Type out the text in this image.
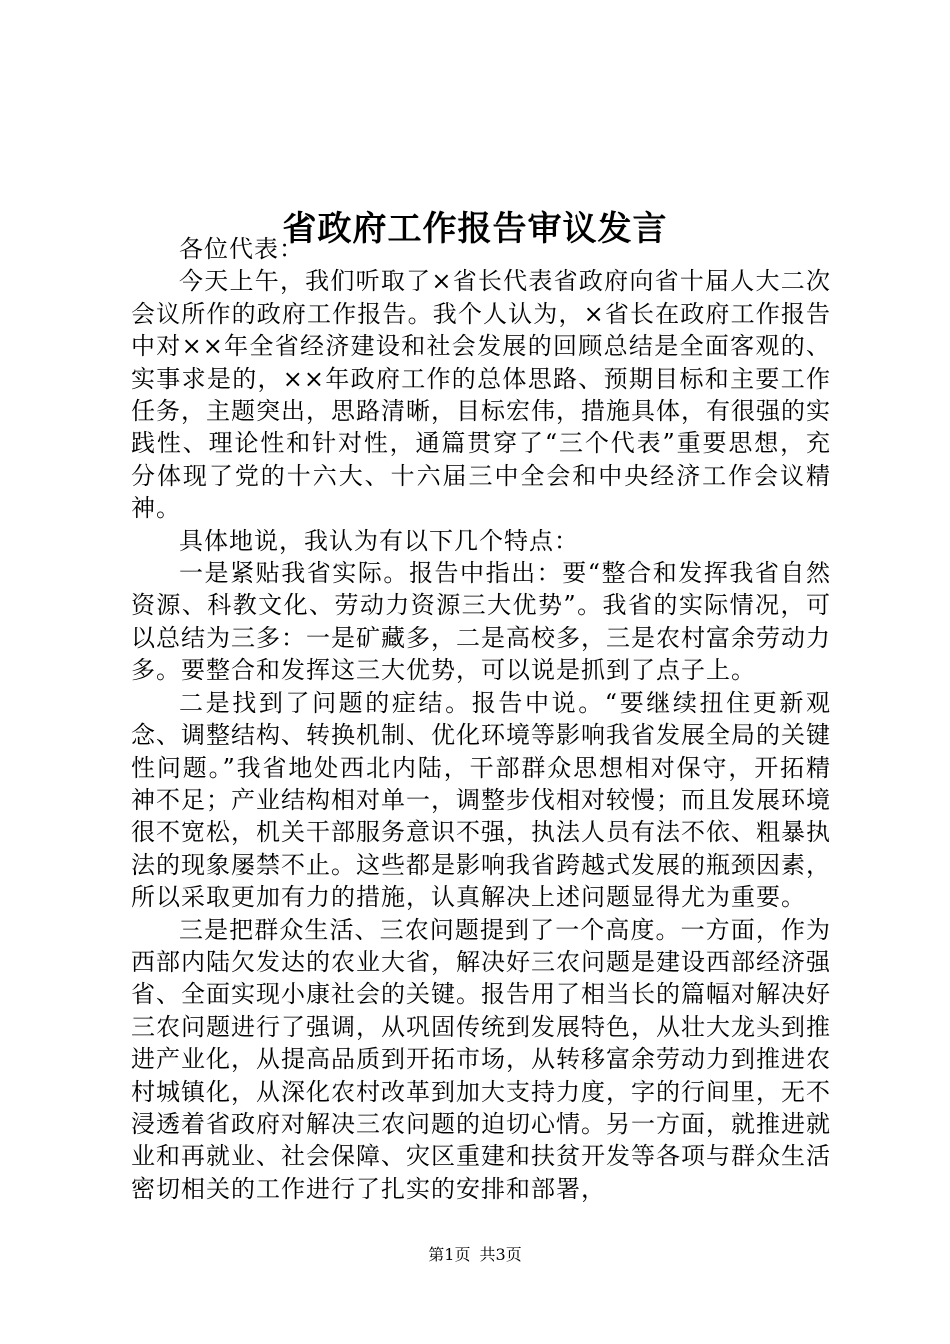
省政府工作报告审议发言

各位代表：

今天上午，我们听取了×省长代表省政府向省十届人大二次会议所作的政府工作报告。我个人认为，×省长在政府工作报告中对××年全省经济建设和社会发展的回顾总结是全面客观的、实事求是的，××年政府工作的总体思路、预期目标和主要工作任务，主题突出，思路清晰，目标宏伟，措施具体，有很强的实践性、理论性和针对性，通篇贯穿了“三个代表”重要思想，充分体现了党的十六大、十六届三中全会和中央经济工作会议精神。

具体地说，我认为有以下几个特点：

一是紧贴我省实际。报告中指出：要“整合和发挥我省自然资源、科教文化、劳动力资源三大优势”。我省的实际情况，可以总结为三多：一是矿藏多，二是高校多，三是农村富余劳动力多。要整合和发挥这三大优势，可以说是抓到了点子上。

二是找到了问题的症结。报告中说。“要继续扭住更新观念、调整结构、转换机制、优化环境等影响我省发展全局的关键性问题。”我省地处西北内陆，干部群众思想相对保守，开拓精神不足；产业结构相对单一，调整步伐相对较慢；而且发展环境很不宽松，机关干部服务意识不强，执法人员有法不依、粗暴执法的现象屡禁不止。这些都是影响我省跨越式发展的瓶颈因素，所以采取更加有力的措施，认真解决上述问题显得尤为重要。

三是把群众生活、三农问题提到了一个高度。一方面，作为西部内陆欠发达的农业大省，解决好三农问题是建设西部经济强省、全面实现小康社会的关键。报告用了相当长的篇幅对解决好三农问题进行了强调，从巩固传统到发展特色，从壮大龙头到推进产业化，从提高品质到开拓市场，从转移富余劳动力到推进农村城镇化，从深化农村改革到加大支持力度，字的行间里，无不浸透着省政府对解决三农问题的迫切心情。另一方面，就推进就业和再就业、社会保障、灾区重建和扶贫开发等各项与群众生活密切相关的工作进行了扎实的安排和部署，

第1页 共3页
